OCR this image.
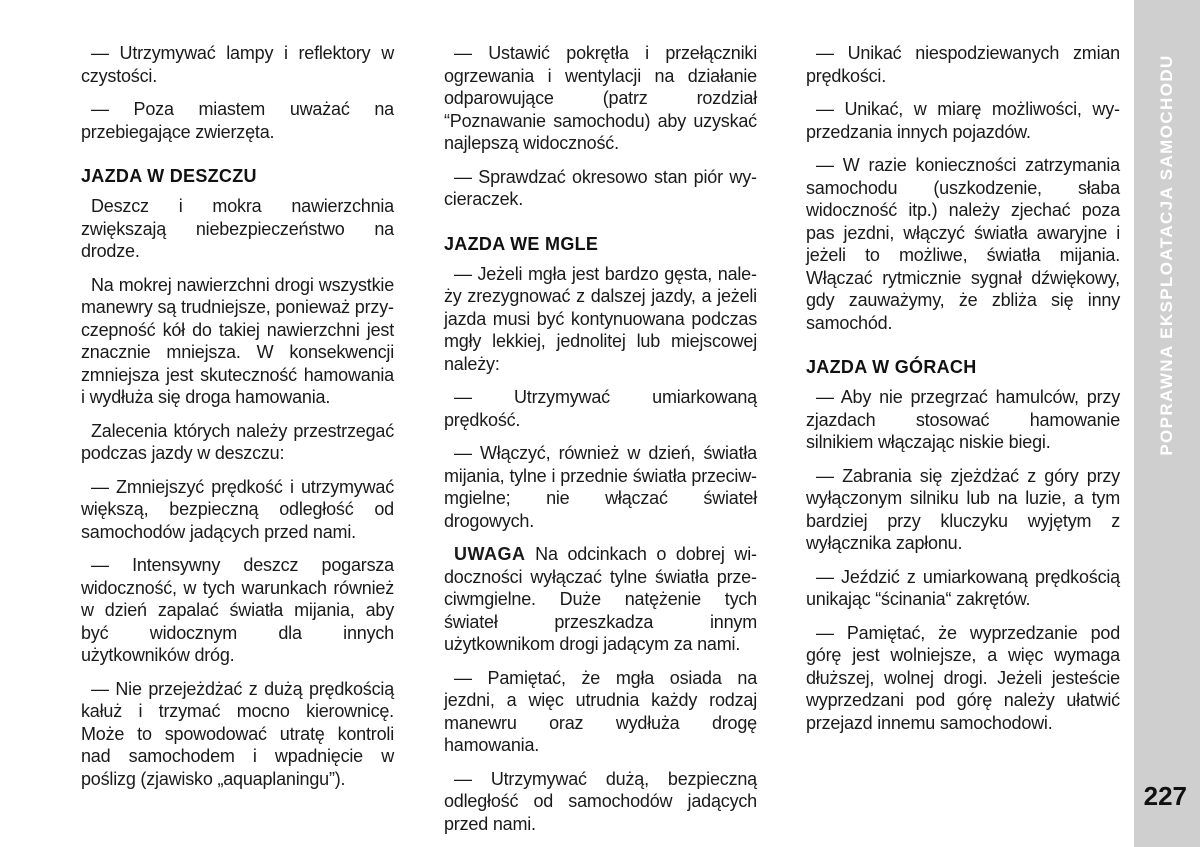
— Utrzymywać lampy i reflektory w czystości.

— Poza miastem uważać na przebiegające zwierzęta.

JAZDA W DESZCZU

Deszcz i mokra nawierzchnia zwiększają niebezpieczeństwo na drodze.

Na mokrej nawierzchni drogi wszystkie manewry są trudniejsze, ponieważ przyczepność kół do takiej nawierzchni jest znacznie mniejsza. W konsekwencji zmniejsza jest skuteczność hamowania i wydłuża się droga hamowania.

Zalecenia których należy przestrzegać podczas jazdy w deszczu:

— Zmniejszyć prędkość i utrzymywać większą, bezpieczną odległość od samochodów jadących przed nami.

— Intensywny deszcz pogarsza widoczność, w tych warunkach również w dzień zapalać światła mijania, aby być widocznym dla innych użytkowników dróg.

— Nie przejeżdżać z dużą prędkością kałuż i trzymać mocno kierownicę. Może to spowodować utratę kontroli nad samochodem i wpadnięcie w poślizg (zjawisko „aquaplaningu”).

— Ustawić pokrętła i przełączniki ogrzewania i wentylacji na działanie odparowujące (patrz rozdział “Poznawanie samochodu) aby uzyskać najlepszą widoczność.

— Sprawdzać okresowo stan piór wycieraczek.

JAZDA WE MGLE

— Jeżeli mgła jest bardzo gęsta, należy zrezygnować z dalszej jazdy, a jeżeli jazda musi być kontynuowana podczas mgły lekkiej, jednolitej lub miejscowej należy:

— Utrzymywać umiarkowaną prędkość.

— Włączyć, również w dzień, światła mijania, tylne i przednie światła przeciwmgielne; nie włączać świateł drogowych.

UWAGA Na odcinkach o dobrej widoczności wyłączać tylne światła przeciwmgielne. Duże natężenie tych świateł przeszkadza innym użytkownikom drogi jadącym za nami.

— Pamiętać, że mgła osiada na jezdni, a więc utrudnia każdy rodzaj manewru oraz wydłuża drogę hamowania.

— Utrzymywać dużą, bezpieczną odległość od samochodów jadących przed nami.

— Unikać niespodziewanych zmian prędkości.

— Unikać, w miarę możliwości, wyprzedzania innych pojazdów.

— W razie konieczności zatrzymania samochodu (uszkodzenie, słaba widoczność itp.) należy zjechać poza pas jezdni, włączyć światła awaryjne i jeżeli to możliwe, światła mijania. Włączać rytmicznie sygnał dźwiękowy, gdy zauważymy, że zbliża się inny samochód.

JAZDA W GÓRACH

— Aby nie przegrzać hamulców, przy zjazdach stosować hamowanie silnikiem włączając niskie biegi.

— Zabrania się zjeżdżać z góry przy wyłączonym silniku lub na luzie, a tym bardziej przy kluczyku wyjętym z wyłącznika zapłonu.

— Jeździć z umiarkowaną prędkością unikając “ścinania“ zakrętów.

— Pamiętać, że wyprzedzanie pod górę jest wolniejsze, a więc wymaga dłuższej, wolnej drogi. Jeżeli jesteście wyprzedzani pod górę należy ułatwić przejazd innemu samochodowi.

POPRAWNA EKSPLOATACJA SAMOCHODU
227
